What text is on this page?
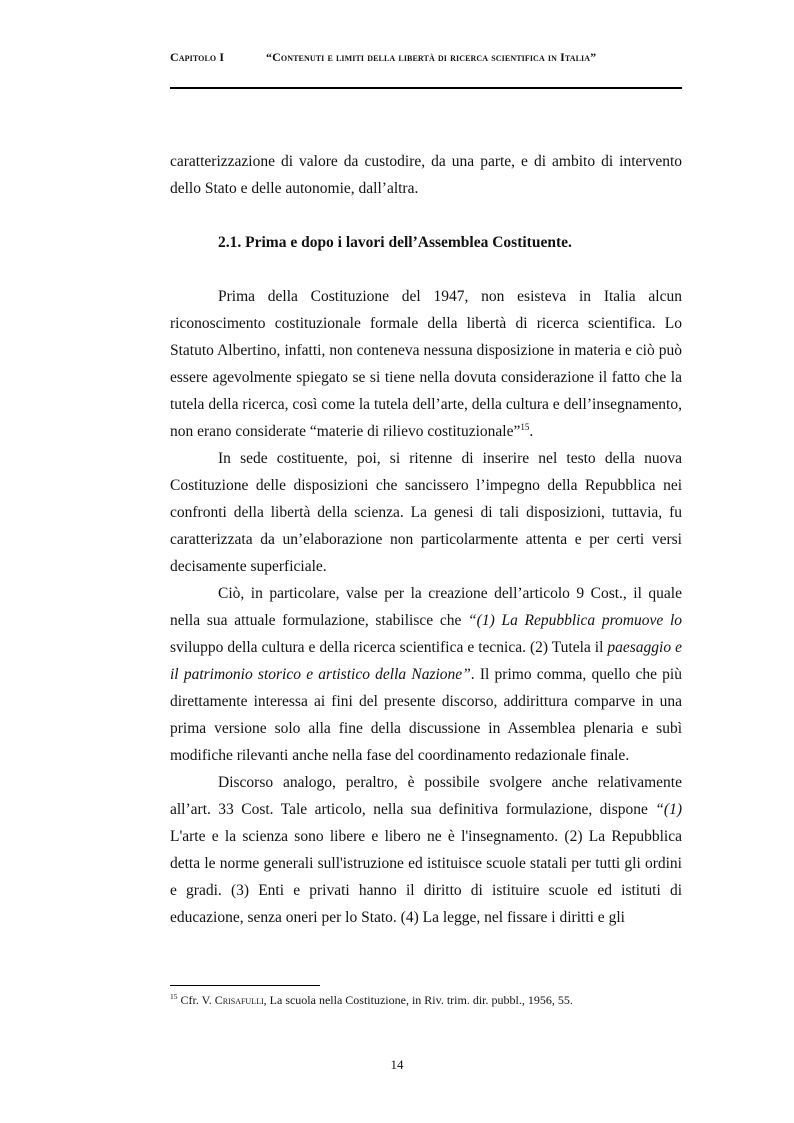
Capitolo I	“Contenuti e limiti della libertà di ricerca scientifica in Italia”

caratterizzazione di valore da custodire, da una parte, e di ambito di intervento dello Stato e delle autonomie, dall’altra.

2.1. Prima e dopo i lavori dell’Assemblea Costituente.

Prima della Costituzione del 1947, non esisteva in Italia alcun riconoscimento costituzionale formale della libertà di ricerca scientifica. Lo Statuto Albertino, infatti, non conteneva nessuna disposizione in materia e ciò può essere agevolmente spiegato se si tiene nella dovuta considerazione il fatto che la tutela della ricerca, così come la tutela dell’arte, della cultura e dell’insegnamento, non erano considerate “materie di rilievo costituzionale”$^{15}$.

In sede costituente, poi, si ritenne di inserire nel testo della nuova Costituzione delle disposizioni che sancissero l’impegno della Repubblica nei confronti della libertà della scienza. La genesi di tali disposizioni, tuttavia, fu caratterizzata da un’elaborazione non particolarmente attenta e per certi versi decisamente superficiale.

Ciò, in particolare, valse per la creazione dell’articolo 9 Cost., il quale nella sua attuale formulazione, stabilisce che “(1) La Repubblica promuove lo sviluppo della cultura e della ricerca scientifica e tecnica. (2) Tutela il paesaggio e il patrimonio storico e artistico della Nazione”. Il primo comma, quello che più direttamente interessa ai fini del presente discorso, addirittura comparve in una prima versione solo alla fine della discussione in Assemblea plenaria e subì modifiche rilevanti anche nella fase del coordinamento redazionale finale.

Discorso analogo, peraltro, è possibile svolgere anche relativamente all’art. 33 Cost. Tale articolo, nella sua definitiva formulazione, dispone “(1) L'arte e la scienza sono libere e libero ne è l'insegnamento. (2) La Repubblica detta le norme generali sull'istruzione ed istituisce scuole statali per tutti gli ordini e gradi. (3) Enti e privati hanno il diritto di istituire scuole ed istituti di educazione, senza oneri per lo Stato. (4) La legge, nel fissare i diritti e gli

$^{15}$ Cfr. V. Crisafulli, La scuola nella Costituzione, in Riv. trim. dir. pubbl., 1956, 55.
14
